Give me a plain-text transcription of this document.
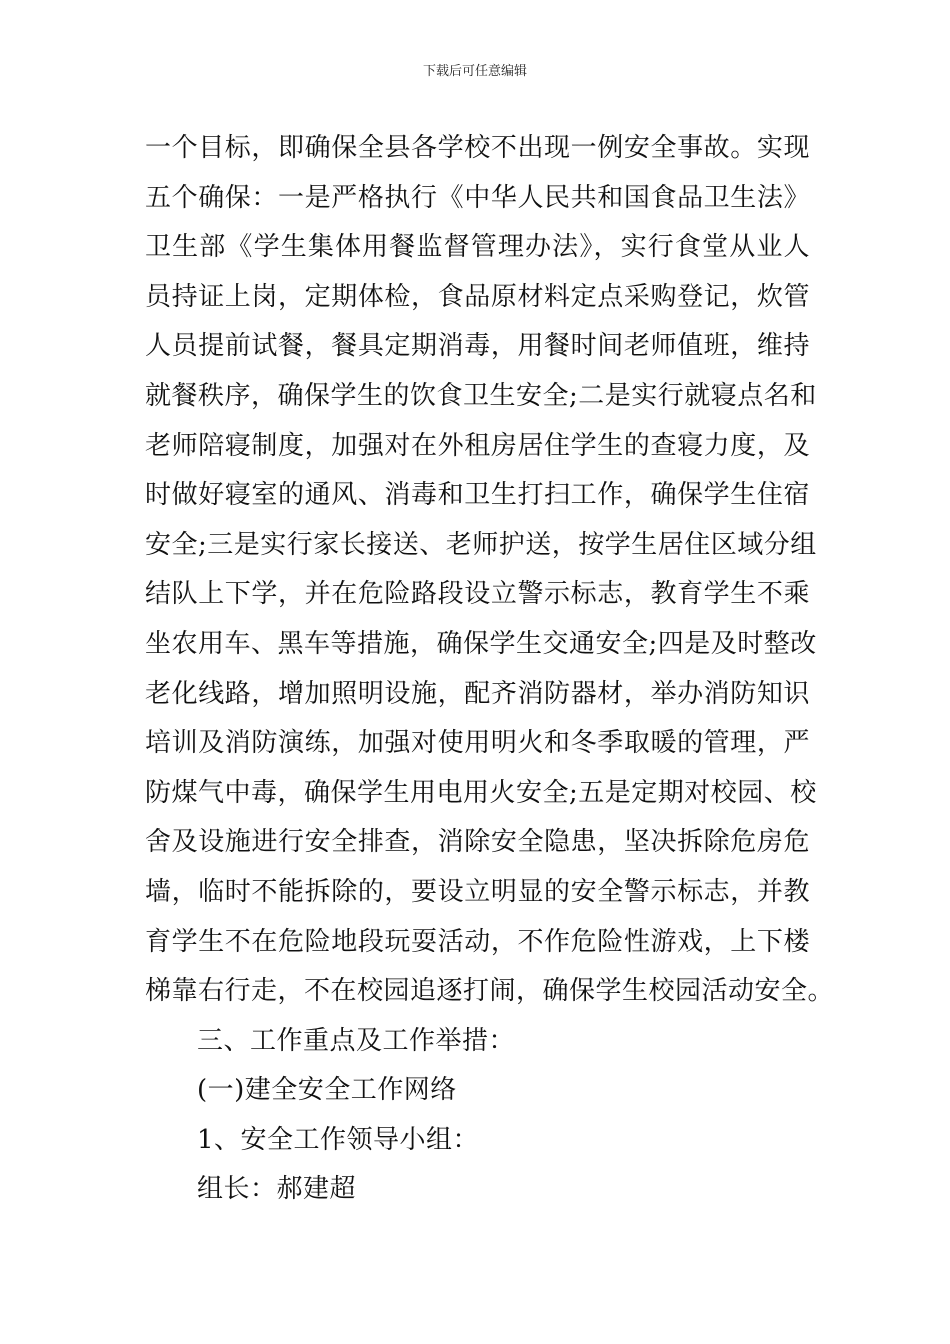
下载后可任意编辑
一个目标，即确保全县各学校不出现一例安全事故。实现
五个确保：一是严格执行《中华人民共和国食品卫生法》
卫生部《学生集体用餐监督管理办法》，实行食堂从业人
员持证上岗，定期体检，食品原材料定点采购登记，炊管
人员提前试餐，餐具定期消毒，用餐时间老师值班，维持
就餐秩序，确保学生的饮食卫生安全;二是实行就寝点名和
老师陪寝制度，加强对在外租房居住学生的查寝力度，及
时做好寝室的通风、消毒和卫生打扫工作，确保学生住宿
安全;三是实行家长接送、老师护送，按学生居住区域分组
结队上下学，并在危险路段设立警示标志，教育学生不乘
坐农用车、黑车等措施，确保学生交通安全;四是及时整改
老化线路，增加照明设施，配齐消防器材，举办消防知识
培训及消防演练，加强对使用明火和冬季取暖的管理，严
防煤气中毒，确保学生用电用火安全;五是定期对校园、校
舍及设施进行安全排查，消除安全隐患，坚决拆除危房危
墙，临时不能拆除的，要设立明显的安全警示标志，并教
育学生不在危险地段玩耍活动，不作危险性游戏，上下楼
梯靠右行走，不在校园追逐打闹，确保学生校园活动安全。
三、工作重点及工作举措：
(一)建全安全工作网络
1、安全工作领导小组：
组长：郝建超
